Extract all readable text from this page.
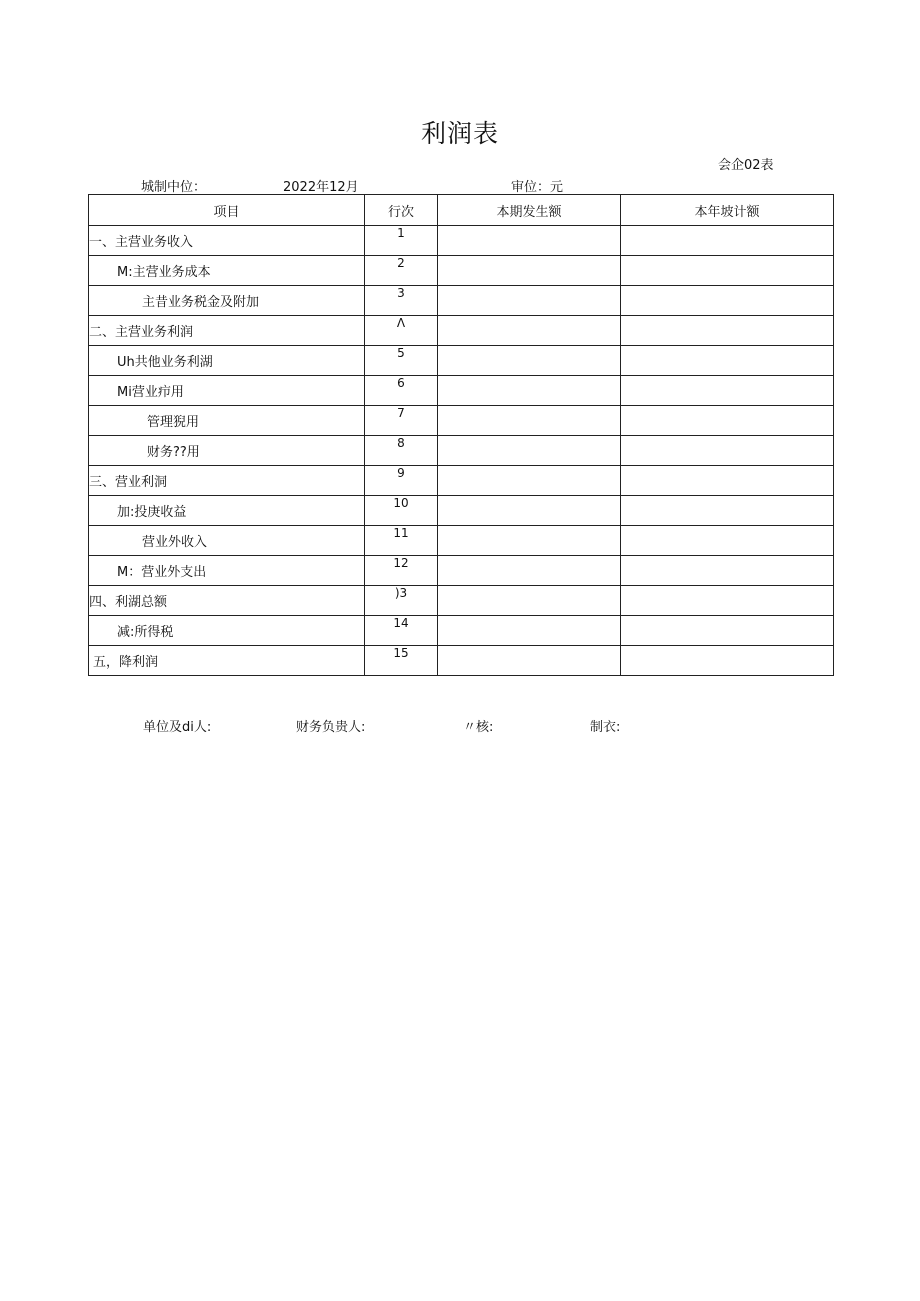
利润表
会企02表
城制中位：	2022年12月	审位：元
项目	行次	本期发生额	本年坡计额
一、主营业务收入	1		
M:主营业务成本	2		
主昔业务税金及附加	3		
二、主营业务利润	Λ		
Uh共他业务利湖	5		
Mi营业疖用	6		
管理猊用	7		
财务??用	8		
三、营业利洞	9		
加:投庚收益	10		
营业外收入	11		
M：营业外支出	12		
四、利湖总额	)3		
减:所得税	14		
五，降利润	15		
单位及di人:	财务负贵人:	〃核:	制衣:
